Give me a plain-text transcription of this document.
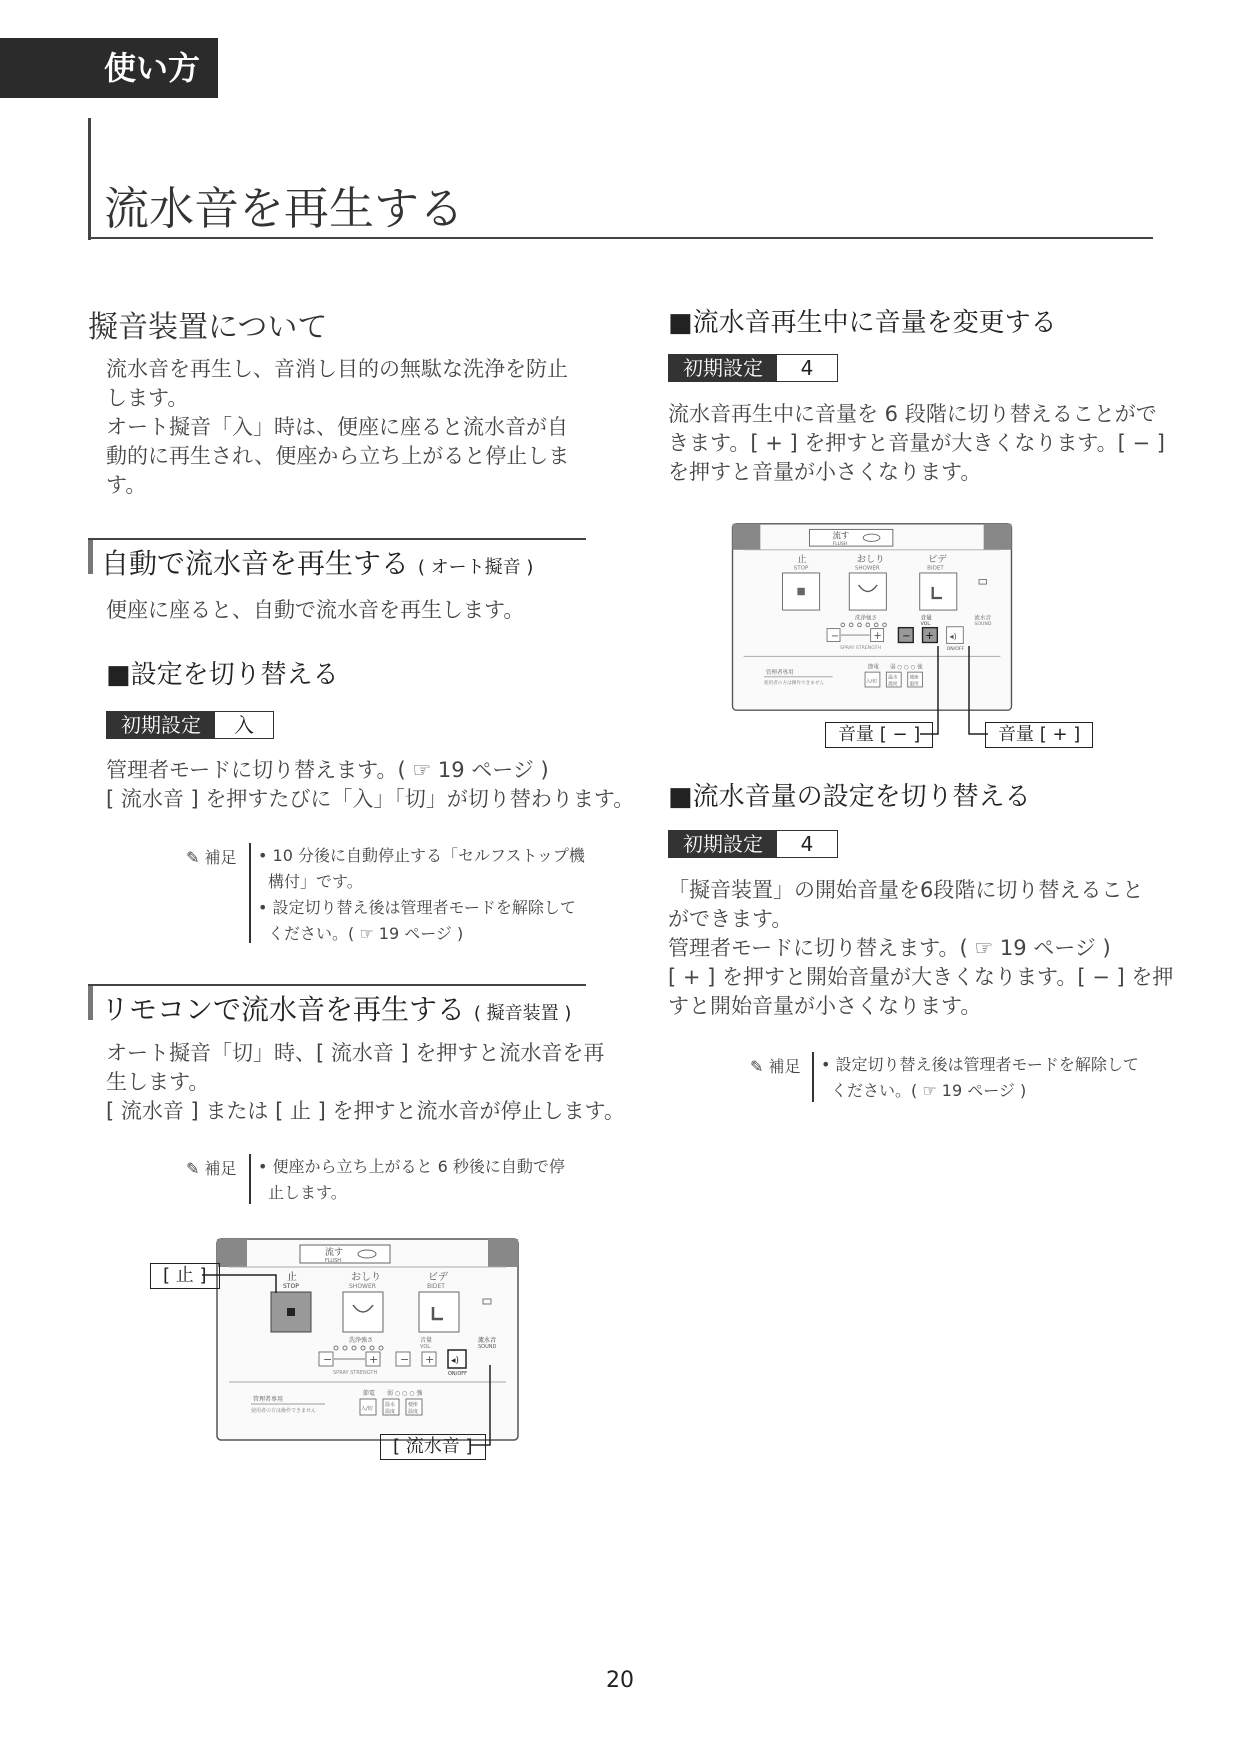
使い方
流水音を再生する
擬音装置について
流水音を再生し、音消し目的の無駄な洗浄を防止
します。
オート擬音「入」時は、便座に座ると流水音が自
動的に再生され、便座から立ち上がると停止しま
す。
自動で流水音を再生する ( オート擬音 )
便座に座ると、自動で流水音を再生します。
■設定を切り替える
初期設定	入
管理者モードに切り替えます。( ☞ 19 ページ )
[ 流水音 ] を押すたびに「入」「切」が切り替わります。
✎ 補足 • 10 分後に自動停止する「セルフストップ機
構付」です。
• 設定切り替え後は管理者モードを解除して
ください。( ☞ 19 ページ )
リモコンで流水音を再生する ( 擬音装置 )
オート擬音「切」時、[ 流水音 ] を押すと流水音を再
生します。
[ 流水音 ] または [ 止 ] を押すと流水音が停止します。
✎ 補足 • 便座から立ち上がると 6 秒後に自動で停
止します。
流す
FLUSH
止
STOP
おしり
SHOWER
ビデ
BIDET
洗浄強さ	音量
VOL.
流水音
SOUND
−	+
SPRAY STRENGTH
− + ◂)
ON/OFF
管理者専用
使用者の方は操作できません
節電 弱 ○ ○ ○ 強
入/切
温水
温度
便座
温度
[ 止 ]
[ 流水音 ]
■流水音再生中に音量を変更する
初期設定	4
流水音再生中に音量を 6 段階に切り替えることがで
きます。[ + ] を押すと音量が大きくなります。[ − ]
を押すと音量が小さくなります。
流す
FLUSH
止
STOP
おしり
SHOWER
ビデ
BIDET
洗浄強さ	音量
VOL.
流水音
SOUND
−	+
SPRAY STRENGTH
− + ◂)
ON/OFF
管理者専用
使用者の方は操作できません
節電 弱 ○ ○ ○ 強
入/切
温水
温度
便座
温度
音量 [ − ]	音量 [ + ]
■流水音量の設定を切り替える
初期設定	4
「擬音装置」の開始音量を6段階に切り替えること
ができます。
管理者モードに切り替えます。( ☞ 19 ページ )
[ + ] を押すと開始音量が大きくなります。[ − ] を押
すと開始音量が小さくなります。
✎ 補足 • 設定切り替え後は管理者モードを解除して
ください。( ☞ 19 ページ )
20
